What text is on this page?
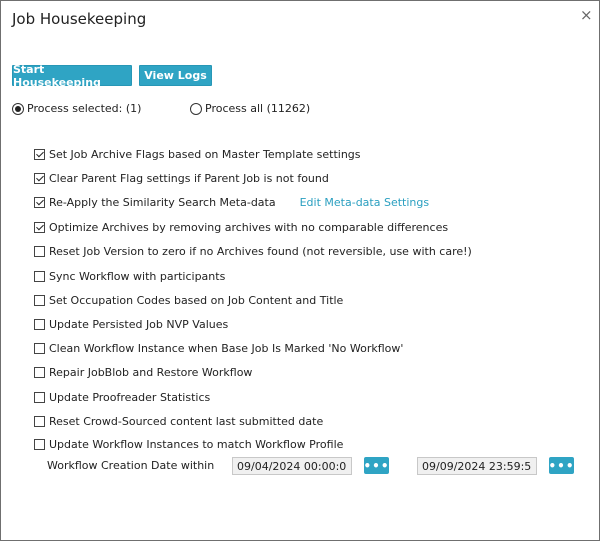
Job Housekeeping	×
Start Housekeeping	View Logs
Process selected: (1)	Process all (11262)
Set Job Archive Flags based on Master Template settings
Clear Parent Flag settings if Parent Job is not found
Re-Apply the Similarity Search Meta-data Edit Meta-data Settings
Optimize Archives by removing archives with no comparable differences
Reset Job Version to zero if no Archives found (not reversible, use with care!)
Sync Workflow with participants
Set Occupation Codes based on Job Content and Title
Update Persisted Job NVP Values
Clean Workflow Instance when Base Job Is Marked 'No Workflow'
Repair JobBlob and Restore Workflow
Update Proofreader Statistics
Reset Crowd-Sourced content last submitted date
Update Workflow Instances to match Workflow Profile
Workflow Creation Date within
09/04/2024 00:00:00	•••
09/09/2024 23:59:59	•••
